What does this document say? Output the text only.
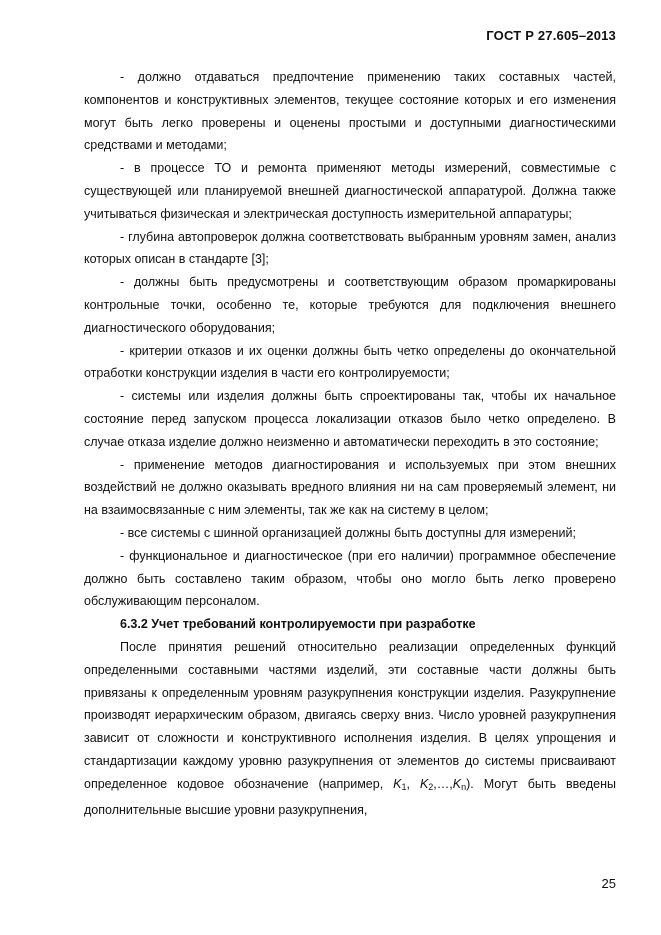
ГОСТ Р 27.605–2013

- должно отдаваться предпочтение применению таких составных частей, компонентов и конструктивных элементов, текущее состояние которых и его изменения могут быть легко проверены и оценены простыми и доступными диагностическими средствами и методами;

- в процессе ТО и ремонта применяют методы измерений, совместимые с существующей или планируемой внешней диагностической аппаратурой. Должна также учитываться физическая и электрическая доступность измерительной аппаратуры;

- глубина автопроверок должна соответствовать выбранным уровням замен, анализ которых описан в стандарте [3];

- должны быть предусмотрены и соответствующим образом промаркированы контрольные точки, особенно те, которые требуются для подключения внешнего диагностического оборудования;

- критерии отказов и их оценки должны быть четко определены до окончательной отработки конструкции изделия в части его контролируемости;

- системы или изделия должны быть спроектированы так, чтобы их начальное состояние перед запуском процесса локализации отказов было четко определено. В случае отказа изделие должно неизменно и автоматически переходить в это состояние;

- применение методов диагностирования и используемых при этом внешних воздействий не должно оказывать вредного влияния ни на сам проверяемый элемент, ни на взаимосвязанные с ним элементы, так же как на систему в целом;

- все системы с шинной организацией должны быть доступны для измерений;

- функциональное и диагностическое (при его наличии) программное обеспечение должно быть составлено таким образом, чтобы оно могло быть легко проверено обслуживающим персоналом.

6.3.2 Учет требований контролируемости при разработке

После принятия решений относительно реализации определенных функций определенными составными частями изделий, эти составные части должны быть привязаны к определенным уровням разукрупнения конструкции изделия. Разукрупнение производят иерархическим образом, двигаясь сверху вниз. Число уровней разукрупнения зависит от сложности и конструктивного исполнения изделия. В целях упрощения и стандартизации каждому уровню разукрупнения от элементов до системы присваивают определенное кодовое обозначение (например, $K_1$, $K_2,\dots,K_n$). Могут быть введены дополнительные высшие уровни разукрупнения,

25
